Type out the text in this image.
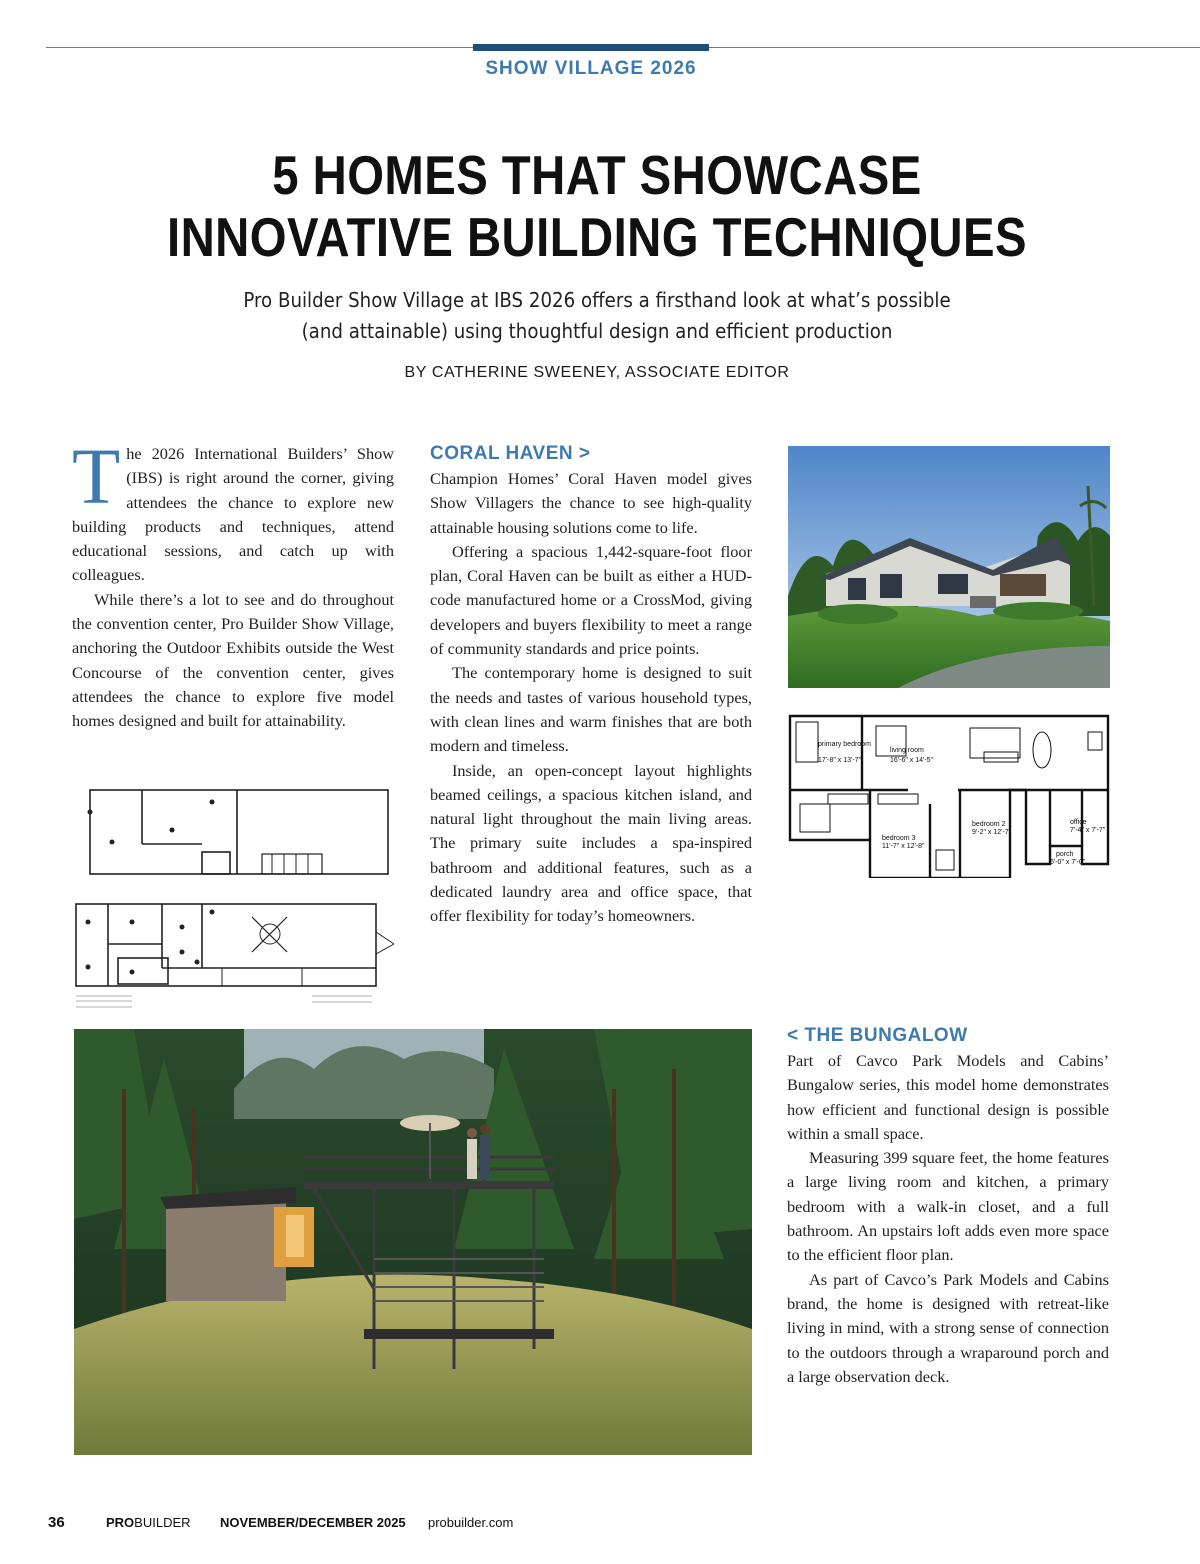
SHOW VILLAGE 2026
5 HOMES THAT SHOWCASE
INNOVATIVE BUILDING TECHNIQUES
Pro Builder Show Village at IBS 2026 offers a firsthand look at what’s possible
(and attainable) using thoughtful design and efficient production
BY CATHERINE SWEENEY, ASSOCIATE EDITOR

The 2026 International Builders’ Show (IBS) is right around the corner, giving attendees the chance to explore new building products and techniques, attend educational sessions, and catch up with colleagues.

While there’s a lot to see and do throughout the convention center, Pro Builder Show Village, anchoring the Outdoor Exhibits outside the West Concourse of the convention center, gives attendees the chance to explore five model homes designed and built for attainability.

CORAL HAVEN >

Champion Homes’ Coral Haven model gives Show Villagers the chance to see high-quality attainable housing solutions come to life.

Offering a spacious 1,442-square-foot floor plan, Coral Haven can be built as either a HUD-code manufactured home or a CrossMod, giving developers and buyers flexibility to meet a range of community standards and price points.

The contemporary home is designed to suit the needs and tastes of various household types, with clean lines and warm finishes that are both modern and timeless.

Inside, an open-concept layout highlights beamed ceilings, a spacious kitchen island, and natural light throughout the main living areas. The primary suite includes a spa-inspired bathroom and additional features, such as a dedicated laundry area and office space, that offer flexibility for today’s homeowners.

primary bedroom
17'-8" x 13'-7"
living room
16'-6" x 14'-5"
bedroom 2
9'-2" x 12'-7"
bedroom 3
11'-7" x 12'-8"
office
7'-4" x 7'-7"
porch
6'-0" x 7'-0"
< THE BUNGALOW

Part of Cavco Park Models and Cabins’ Bungalow series, this model home demonstrates how efficient and functional design is possible within a small space.

Measuring 399 square feet, the home features a large living room and kitchen, a primary bedroom with a walk-in closet, and a full bathroom. An upstairs loft adds even more space to the efficient floor plan.

As part of Cavco’s Park Models and Cabins brand, the home is designed with retreat-like living in mind, with a strong sense of connection to the outdoors through a wraparound porch and a large observation deck.

36	PROBUILDER NOVEMBER/DECEMBER 2025 probuilder.com
